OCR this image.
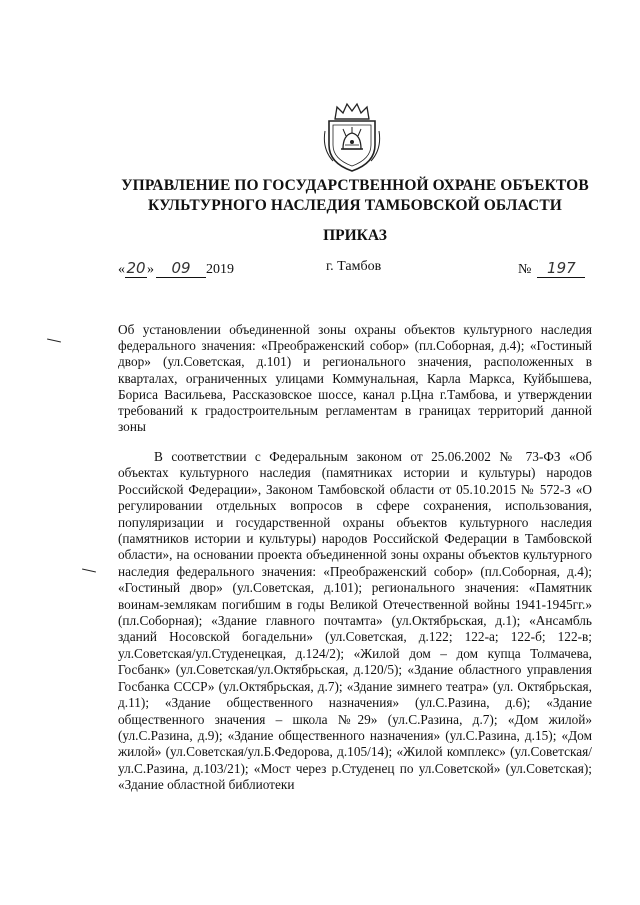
УПРАВЛЕНИЕ ПО ГОСУДАРСТВЕННОЙ ОХРАНЕ ОБЪЕКТОВ
КУЛЬТУРНОГО НАСЛЕДИЯ ТАМБОВСКОЙ ОБЛАСТИ
ПРИКАЗ
«20» 09 2019	г. Тамбов	№ 197
Об установлении объединенной зоны охраны объектов культурного наследия федерального значения: «Преображенский собор» (пл.Соборная, д.4); «Гостиный двор» (ул.Советская, д.101) и регионального значения, расположенных в кварталах, ограниченных улицами Коммунальная, Карла Маркса, Куйбышева, Бориса Васильева, Рассказовское шоссе, канал р.Цна г.Тамбова, и утверждении требований к градостроительным регламентам в границах территорий данной зоны
В соответствии с Федеральным законом от 25.06.2002 № 73-ФЗ «Об объектах культурного наследия (памятниках истории и культуры) народов Российской Федерации», Законом Тамбовской области от 05.10.2015 № 572-З «О регулировании отдельных вопросов в сфере сохранения, использования, популяризации и государственной охраны объектов культурного наследия (памятников истории и культуры) народов Российской Федерации в Тамбовской области», на основании проекта объединенной зоны охраны объектов культурного наследия федерального значения: «Преображенский собор» (пл.Соборная, д.4); «Гостиный двор» (ул.Советская, д.101); регионального значения: «Памятник воинам-землякам погибшим в годы Великой Отечественной войны 1941-1945гг.» (пл.Соборная); «Здание главного почтамта» (ул.Октябрьская, д.1); «Ансамбль зданий Носовской богадельни» (ул.Советская, д.122; 122-а; 122-б; 122-в; ул.Советская/ул.Студенецкая, д.124/2); «Жилой дом – дом купца Толмачева, Госбанк» (ул.Советская/ул.Октябрьская, д.120/5); «Здание областного управления Госбанка СССР» (ул.Октябрьская, д.7); «Здание зимнего театра» (ул. Октябрьская, д.11); «Здание общественного назначения» (ул.С.Разина, д.6); «Здание общественного значения – школа №29» (ул.С.Разина, д.7); «Дом жилой» (ул.С.Разина, д.9); «Здание общественного назначения» (ул.С.Разина, д.15); «Дом жилой» (ул.Советская/ул.Б.Федорова, д.105/14); «Жилой комплекс» (ул.Советская/ул.С.Разина, д.103/21); «Мост через р.Студенец по ул.Советской» (ул.Советская); «Здание областной библиотеки
